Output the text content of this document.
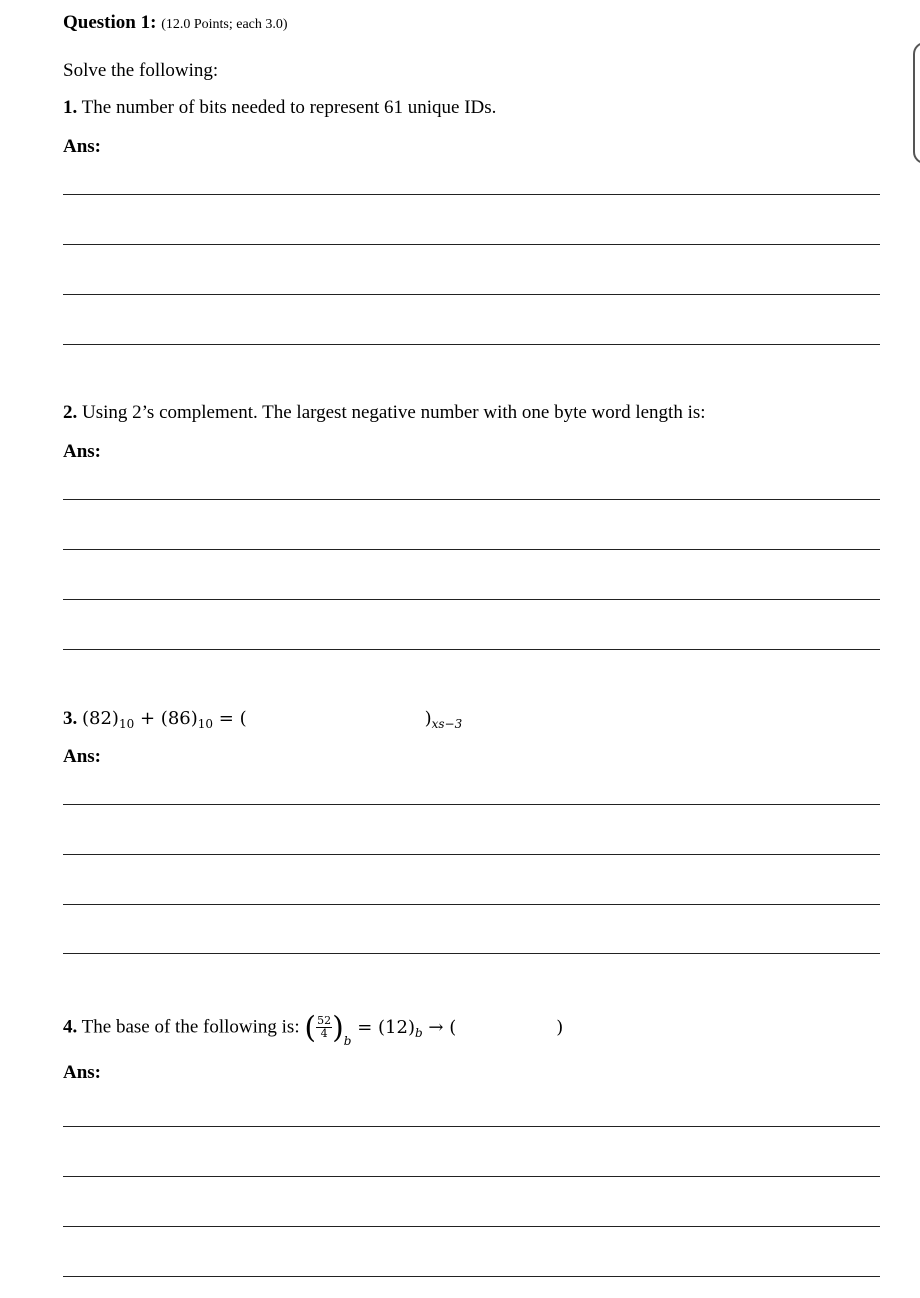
Question 1: (12.0 Points; each 3.0)
Solve the following:
1. The number of bits needed to represent 61 unique IDs.
Ans:
2. Using 2’s complement. The largest negative number with one byte word length is:
Ans:
3. $(82)_{10} + (86)_{10}$ = (	)$_{xs-3}$
Ans:
4. The base of the following is: ( $\frac{52}{4} )_b = (12)_b$ → (	)
Ans:
